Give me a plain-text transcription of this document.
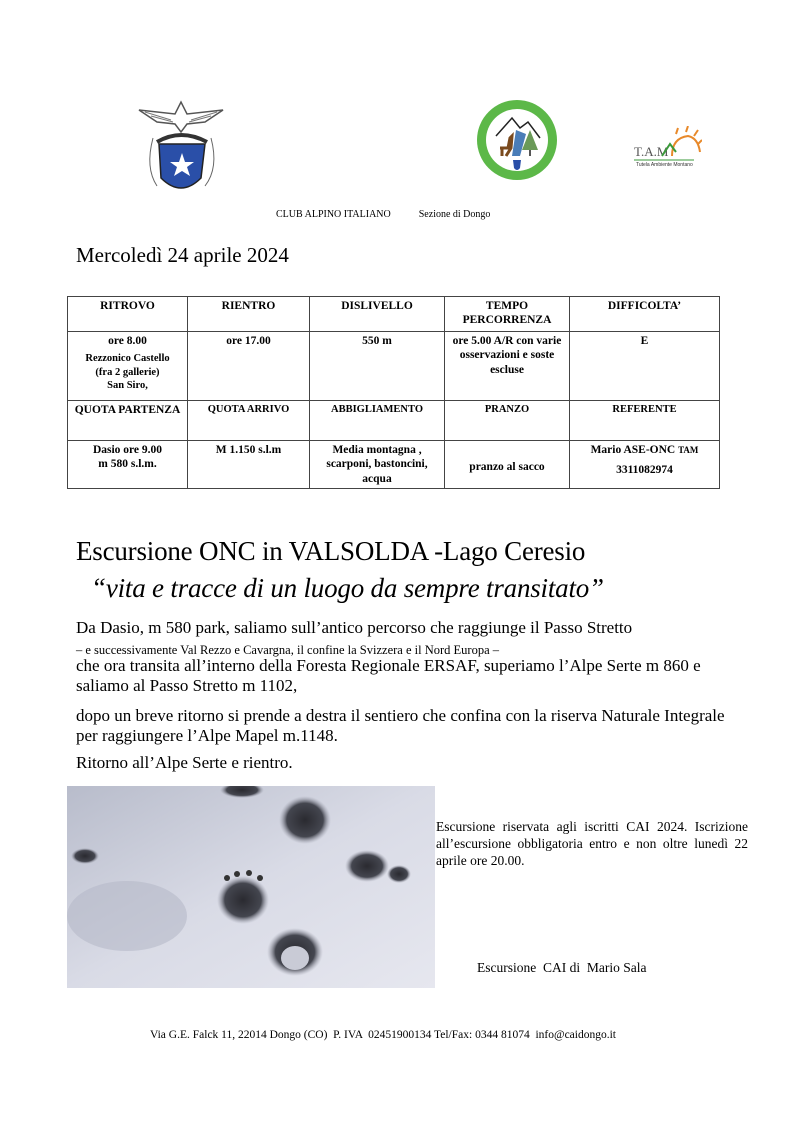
T.A.M
Tutela Ambiente Montano

CLUB ALPINO ITALIANO	Sezione di Dongo

Mercoledì 24 aprile 2024
RITROVO	RIENTRO	DISLIVELLO	TEMPO PERCORRENZA	DIFFICOLTA’

ore 8.00
Rezzonico Castello
(fra 2 gallerie)
San Siro,	ore 17.00	550 m	ore 5.00 A/R con varie osservazioni e soste escluse	E
QUOTA PARTENZA	QUOTA ARRIVO	ABBIGLIAMENTO	PRANZO	REFERENTE

Dasio ore 9.00
m 580 s.l.m.
	M 1.150 s.l.m	Media montagna , scarponi, bastoncini, acqua	pranzo al sacco	
Mario ASE-ONC TAM
3311082974
Escursione ONC in VALSOLDA -Lago Ceresio
“vita e tracce di un luogo da sempre transitato”
Da Dasio, m 580 park, saliamo sull’antico percorso che raggiunge il Passo Stretto
– e successivamente Val Rezzo e Cavargna, il confine la Svizzera e il Nord Europa –
che ora transita all’interno della Foresta Regionale ERSAF, superiamo l’Alpe Serte m 860 e saliamo al Passo Stretto m 1102,
dopo un breve ritorno si prende a destra il sentiero che confina con la riserva Naturale Integrale per raggiungere l’Alpe Mapel m.1148.
Ritorno all’Alpe Serte e rientro.
Escursione riservata agli iscritti CAI 2024. Iscrizione all’escursione obbligatoria entro e non oltre lunedì 22 aprile ore 20.00.
Escursione  CAI di  Mario Sala
Via G.E. Falck 11, 22014 Dongo (CO)  P. IVA  02451900134 Tel/Fax: 0344 81074  info@caidongo.it
